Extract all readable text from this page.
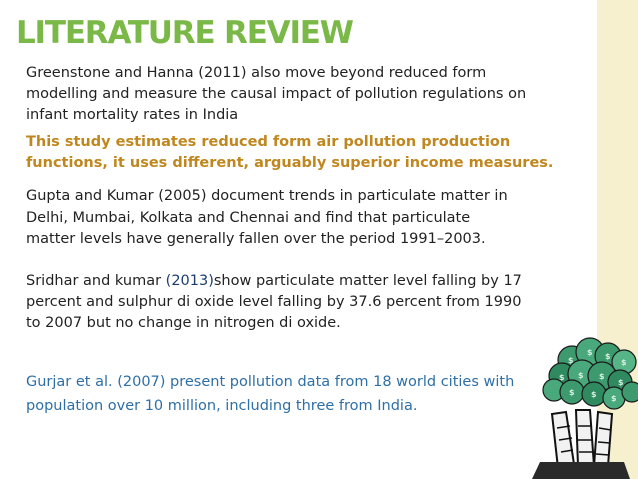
LITERATURE REVIEW

Greenstone and Hanna (2011) also move beyond reduced form
modelling and measure the causal impact of pollution regulations on
infant mortality rates in India

This study estimates reduced form air pollution production
functions, it uses different, arguably superior income measures.

Gupta and Kumar (2005) document trends in particulate matter in
Delhi, Mumbai, Kolkata and Chennai and find that particulate
matter levels have generally fallen over the period 1991–2003.

Sridhar and kumar (2013)show particulate matter level falling by 17
percent and sulphur di oxide level falling by 37.6 percent from 1990
to 2007 but no change in nitrogen di oxide.

Gurjar et al. (2007) present pollution data from 18 world cities with
population over 10 million, including three from India.

$
$ $
$ $
$
$
$ $ $
$
